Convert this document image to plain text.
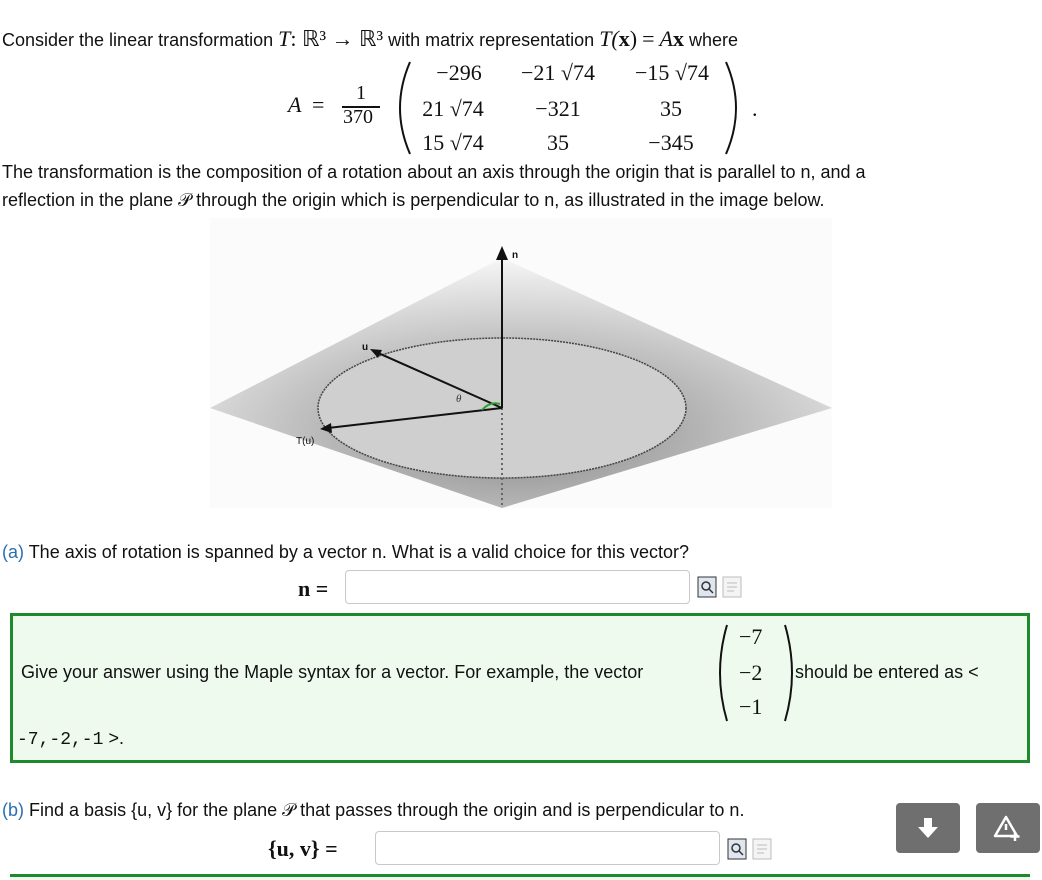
Consider the linear transformation T: ℝ³ → ℝ³ with matrix representation T(x) = Ax where
A = 1
370
−296	−21 √74	−15 √74
21 √74	−321	35
15 √74	35	−345
.
The transformation is the composition of a rotation about an axis through the origin that is parallel to n, and a
reflection in the plane 𝒫 through the origin which is perpendicular to n, as illustrated in the image below.
n
u
T(u)
θ
(a) The axis of rotation is spanned by a vector n. What is a valid choice for this vector?
n =
Give your answer using the Maple syntax for a vector. For example, the vector
−7
−2
−1
should be entered as <
-7,-2,-1 >.
(b) Find a basis {u, v} for the plane 𝒫 that passes through the origin and is perpendicular to n.
{u, v} =
